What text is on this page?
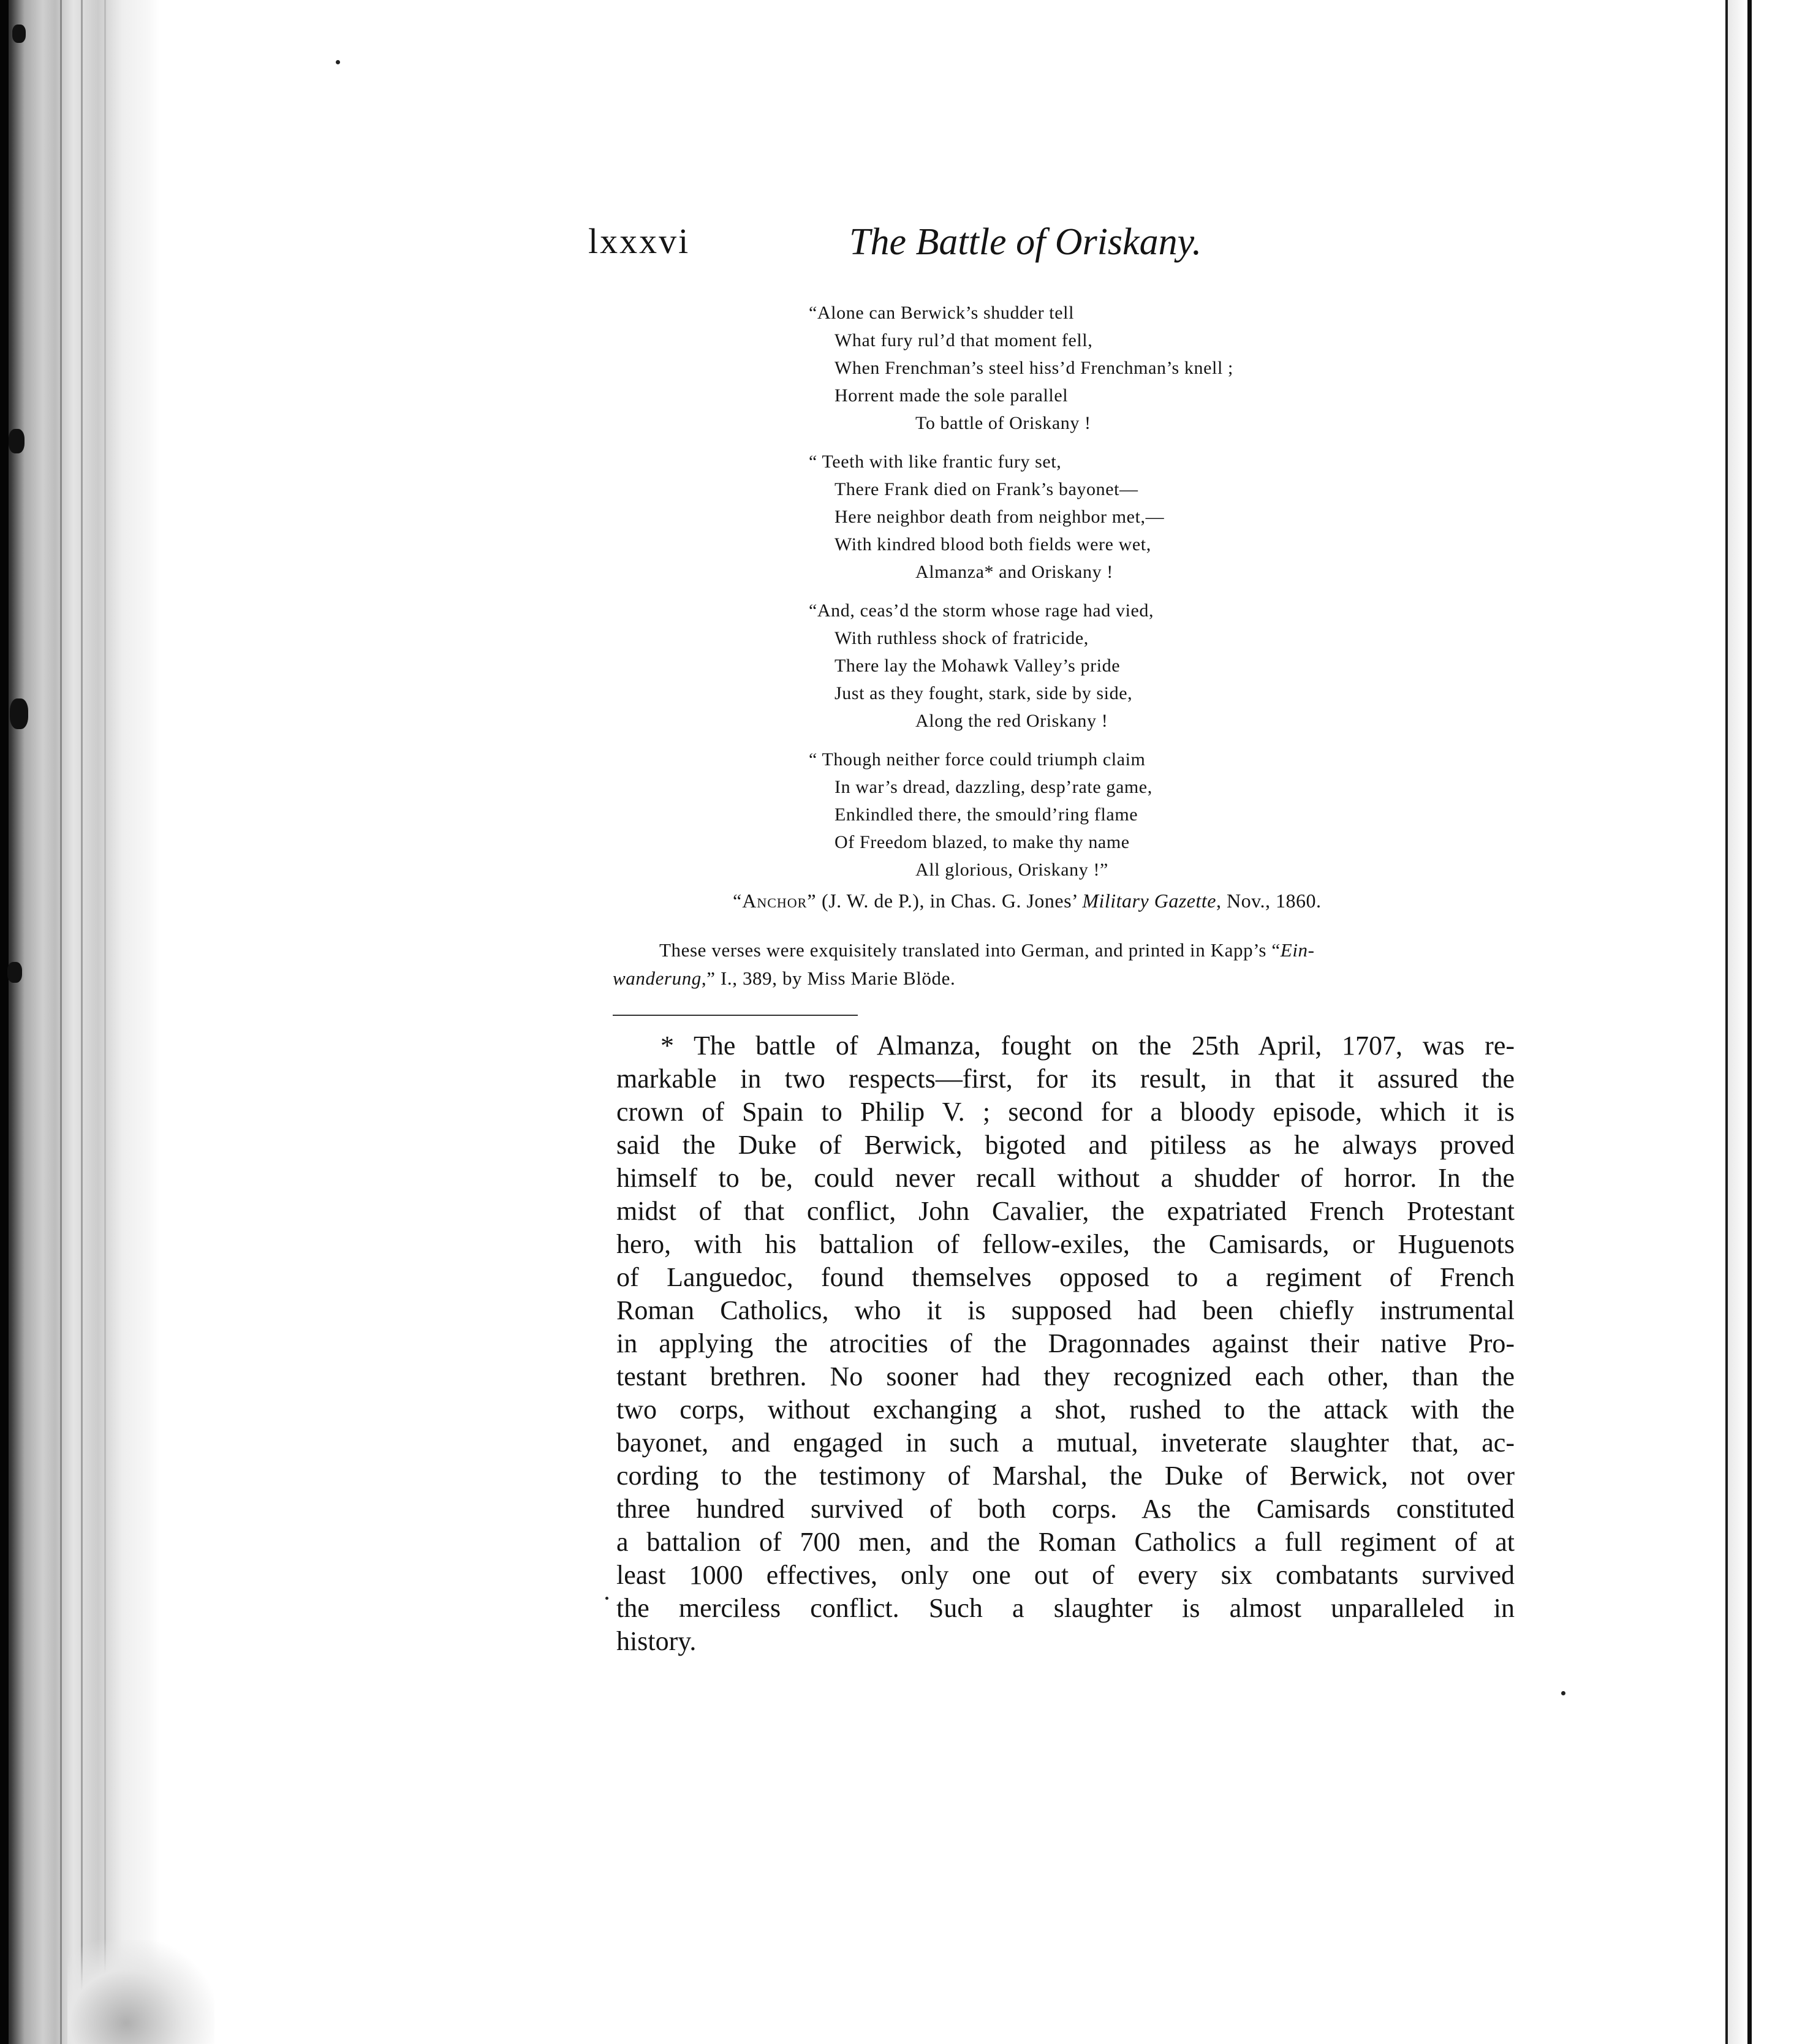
lxxxvi	The Battle of Oriskany.
“Alone can Berwick’s shudder tell
What fury rul’d that moment fell,
When Frenchman’s steel hiss’d Frenchman’s knell ;
Horrent made the sole parallel
To battle of Oriskany !
“ Teeth with like frantic fury set,
There Frank died on Frank’s bayonet—
Here neighbor death from neighbor met,—
With kindred blood both fields were wet,
Almanza* and Oriskany !
“And, ceas’d the storm whose rage had vied,
With ruthless shock of fratricide,
There lay the Mohawk Valley’s pride
Just as they fought, stark, side by side,
Along the red Oriskany !
“ Though neither force could triumph claim
In war’s dread, dazzling, desp’rate game,
Enkindled there, the smould’ring flame
Of Freedom blazed, to make thy name
All glorious, Oriskany !”
“Anchor” (J. W. de P.), in Chas. G. Jones’ Military Gazette, Nov., 1860.
These verses were exquisitely translated into German, and printed in Kapp’s “Ein-
wanderung,” I., 389, by Miss Marie Blöde.
* The battle of Almanza, fought on the 25th April, 1707, was re-
markable in two respects—first, for its result, in that it assured the
crown of Spain to Philip V. ; second for a bloody episode, which it is
said the Duke of Berwick, bigoted and pitiless as he always proved
himself to be, could never recall without a shudder of horror. In the
midst of that conflict, John Cavalier, the expatriated French Protestant
hero, with his battalion of fellow-exiles, the Camisards, or Huguenots
of Languedoc, found themselves opposed to a regiment of French
Roman Catholics, who it is supposed had been chiefly instrumental
in applying the atrocities of the Dragonnades against their native Pro-
testant brethren. No sooner had they recognized each other, than the
two corps, without exchanging a shot, rushed to the attack with the
bayonet, and engaged in such a mutual, inveterate slaughter that, ac-
cording to the testimony of Marshal, the Duke of Berwick, not over
three hundred survived of both corps. As the Camisards constituted
a battalion of 700 men, and the Roman Catholics a full regiment of at
least 1000 effectives, only one out of every six combatants survived
the merciless conflict. Such a slaughter is almost unparalleled in
history.
